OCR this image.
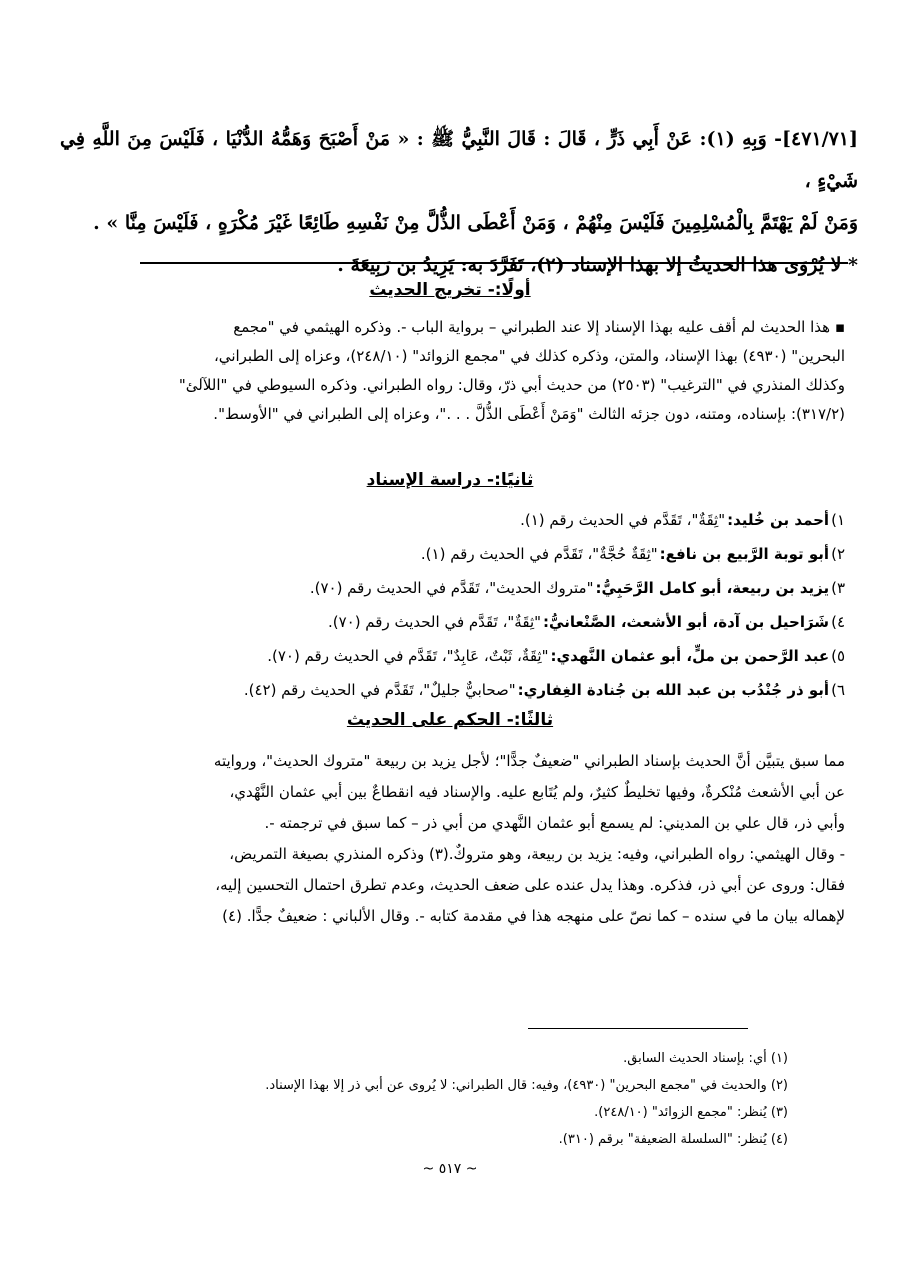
[٤٧١/٧١]- وَبِهِ (١): عَنْ أَبِي ذَرٍّ ، قَالَ : قَالَ النَّبِيُّ ﷺ : « مَنْ أَصْبَحَ وَهَمُّهُ الدُّنْيَا ، فَلَيْسَ مِنَ اللَّهِ فِي شَيْءٍ ،

وَمَنْ لَمْ يَهْتَمَّ بِالْمُسْلِمِينَ فَلَيْسَ مِنْهُمْ ، وَمَنْ أَعْطَى الذُّلَّ مِنْ نَفْسِهِ طَائِعًا غَيْرَ مُكْرَهٍ ، فَلَيْسَ مِنَّا » .

* لا يُرْوَى هذا الحديثُ إلا بهذا الإسناد (٢)، تَفَرَّدَ به: يَزِيدُ بن رَبِيعَةَ .

أولًا:- تخريج الحديث

▪ هذا الحديث لم أقف عليه بهذا الإسناد إلا عند الطبراني – برواية الباب -. وذكره الهيثمي في "مجمع

البحرين" (٤٩٣٠) بهذا الإسناد، والمتن، وذكره كذلك في "مجمع الزوائد" (٢٤٨/١٠)، وعزاه إلى الطبراني،

وكذلك المنذري في "الترغيب" (٢٥٠٣) من حديث أبي ذرّ، وقال: رواه الطبراني. وذكره السيوطي في "اللآلئ"

(٣١٧/٢): بإسناده، ومتنه، دون جزئه الثالث "وَمَنْ أَعْطَى الذُّلَّ . . ."، وعزاه إلى الطبراني في "الأوسط".

ثانيًا:- دراسة الإسناد
١)
أحمد بن خُليد:
"ثِقَةٌ"، تَقَدَّم في الحديث رقم (١).
٢)
أبو توبة الرَّبيع بن نافع:
"ثِقَةٌ حُجَّةٌ"، تَقَدَّم في الحديث رقم (١).
٣)
يزيد بن ربيعة، أبو كامل الرَّحَبِيُّ:
"متروك الحديث"، تَقَدَّم في الحديث رقم (٧٠).
٤)
شَرَاحيل بن آدة، أبو الأشعث، الصَّنْعانيُّ:
"ثِقَةٌ"، تَقَدَّم في الحديث رقم (٧٠).
٥)
عبد الرَّحمن بن ملٍّ، أبو عثمان النَّهدي:
"ثِقَةٌ، ثَبْتٌ، عَابِدٌ"، تَقَدَّم في الحديث رقم (٧٠).
٦)
أبو ذر جُنْدُب بن عبد الله بن جُنادة الغِفاري:
"صحابيٌّ جليلٌ"، تَقَدَّم في الحديث رقم (٤٢).
ثالثًا:- الحكم على الحديث

مما سبق يتبيَّن أنَّ الحديث بإسناد الطبراني "ضعيفٌ جدًّا"؛ لأجل يزيد بن ربيعة "متروك الحديث"، وروايته

عن أبي الأشعث مُنْكرةٌ، وفيها تخليطٌ كثيرٌ، ولم يُتَابع عليه. والإسناد فيه انقطاعٌ بين أبي عثمان النَّهْدي،

وأبي ذر، قال علي بن المديني: لم يسمع أبو عثمان النَّهدي من أبي ذر – كما سبق في ترجمته -.

- وقال الهيثمي: رواه الطبراني، وفيه: يزيد بن ربيعة، وهو متروكٌ.(٣) وذكره المنذري بصيغة التمريض،

فقال: وروى عن أبي ذر، فذكره. وهذا يدل عنده على ضعف الحديث، وعدم تطرق احتمال التحسين إليه،

لإهماله بيان ما في سنده – كما نصّ على منهجه هذا في مقدمة كتابه -. وقال الألباني : ضعيفٌ جدًّا. (٤)

(١) أي: بإسناد الحديث السابق.

(٢) والحديث في "مجمع البحرين" (٤٩٣٠)، وفيه: قال الطبراني: لا يُروى عن أبي ذر إلا بهذا الإسناد.

(٣) يُنظر: "مجمع الزوائد" (٢٤٨/١٠).

(٤) يُنظر: "السلسلة الضعيفة" برقم (٣١٠).

~ ٥١٧ ~
